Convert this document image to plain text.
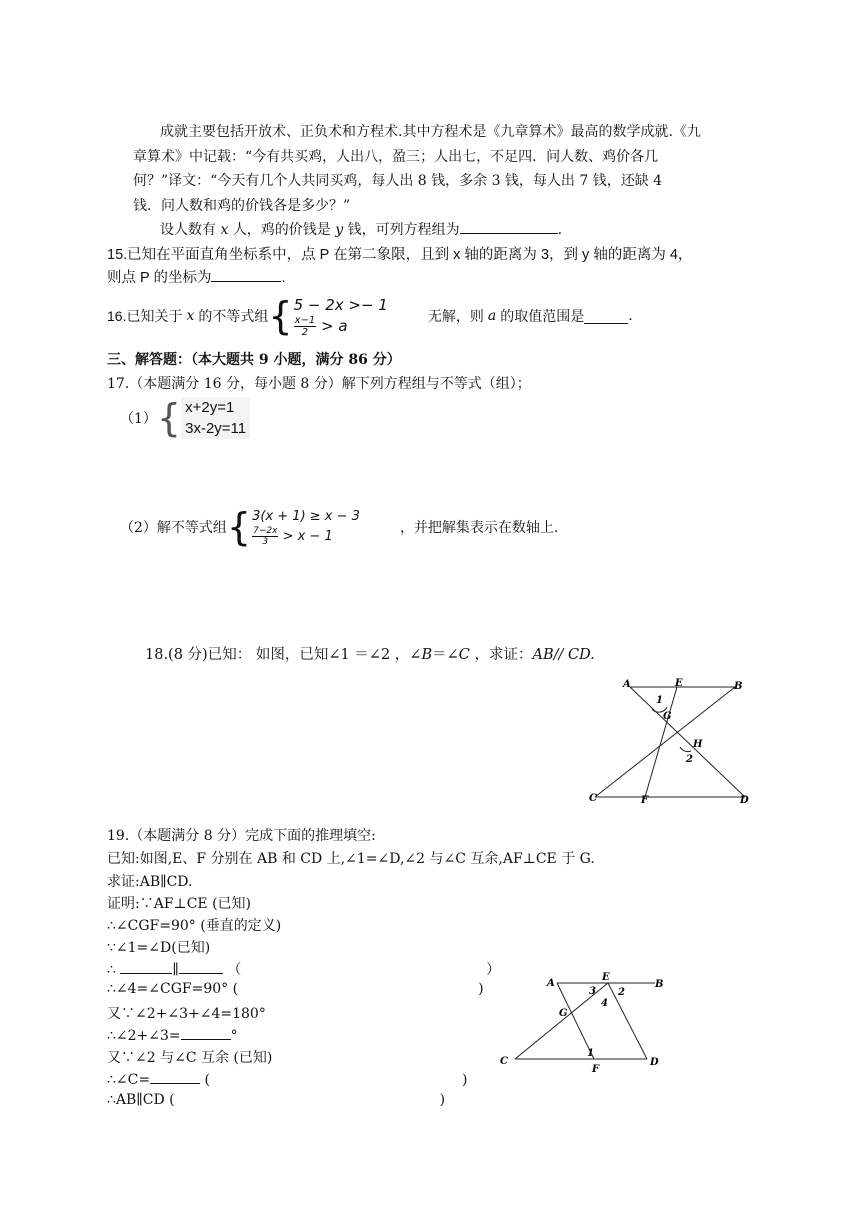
成就主要包括开放术、正负术和方程术.其中方程术是《九章算术》最高的数学成就.《九
章算术》中记载：“今有共买鸡，人出八，盈三；人出七，不足四．问人数、鸡价各几
何？”译文：“今天有几个人共同买鸡，每人出 8 钱，多余 3 钱，每人出 7 钱，还缺 4
钱．问人数和鸡的价钱各是多少？”
设人数有 x 人，鸡的价钱是 y 钱，可列方程组为	.
15.已知在平面直角坐标系中，点 P 在第二象限，且到 x 轴的距离为 3，到 y 轴的距离为 4，
则点 P 的坐标为	.
16.已知关于 x 的不等式组 { 5 − 2x >− 1
$\frac{x-1}{2} > a$	无解，则 a 的取值范围是	.
三、解答题：（本大题共 9 小题，满分 86 分）
17.（本题满分 16 分，每小题 8 分）解下列方程组与不等式（组）；
（1） { x+2y=1
3x-2y=11
（2）解不等式组 { 3(x + 1) ≥ x − 3
$\frac{7-2x}{3} > x - 1$	，并把解集表示在数轴上.
18.(8 分)已知： 如图，已知∠1 ＝∠2 ，∠B＝∠C ，求证：AB// CD.
A	E	B
1
G
H
2
C	F	D
19.（本题满分 8 分）完成下面的推理填空:
已知:如图,E、F 分别在 AB 和 CD 上,∠1=∠D,∠2 与∠C 互余,AF⊥CE 于 G.
求证:AB∥CD.
证明:∵AF⊥CE (已知)
∴∠CGF=90° (垂直的定义)
∵∠1=∠D(已知)
∴	∥	（	）
∴∠4=∠CGF=90° (	)
又∵∠2+∠3+∠4=180°
∴∠2+∠3=	°
又∵∠2 与∠C 互余 (已知)
∴∠C=	(	)
∴AB∥CD (	)
A
E
B
3 2
4
G
1
C
F
D
